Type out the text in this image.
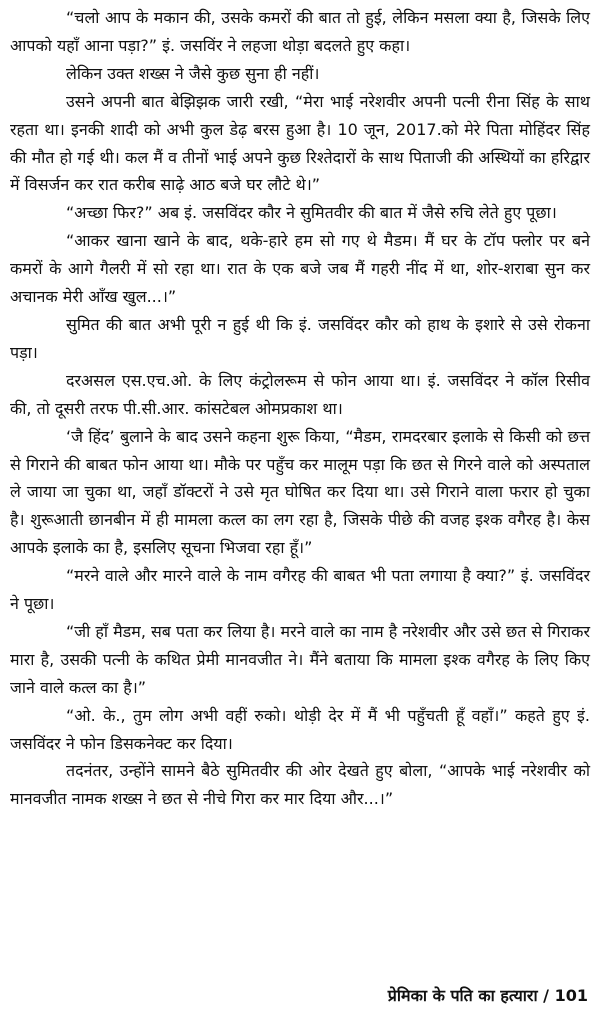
“चलो आप के मकान की, उसके कमरों की बात तो हुई, लेकिन मसला क्या है, जिसके लिए आपको यहाँ आना पड़ा?” इं. जसविंर ने लहजा थोड़ा बदलते हुए कहा।

लेकिन उक्त शख्स ने जैसे कुछ सुना ही नहीं।

उसने अपनी बात बेझिझक जारी रखी, “मेरा भाई नरेशवीर अपनी पत्नी रीना सिंह के साथ रहता था। इनकी शादी को अभी कुल डेढ़ बरस हुआ है। 10 जून, 2017.को मेरे पिता मोहिंदर सिंह की मौत हो गई थी। कल मैं व तीनों भाई अपने कुछ रिश्तेदारों के साथ पिताजी की अस्थियों का हरिद्वार में विसर्जन कर रात करीब साढ़े आठ बजे घर लौटे थे।”

“अच्छा फिर?” अब इं. जसविंदर कौर ने सुमितवीर की बात में जैसे रुचि लेते हुए पूछा।

“आकर खाना खाने के बाद, थके-हारे हम सो गए थे मैडम। मैं घर के टॉप फ्लोर पर बने कमरों के आगे गैलरी में सो रहा था। रात के एक बजे जब मैं गहरी नींद में था, शोर-शराबा सुन कर अचानक मेरी आँख खुल...।”

सुमित की बात अभी पूरी न हुई थी कि इं. जसविंदर कौर को हाथ के इशारे से उसे रोकना पड़ा।

दरअसल एस.एच.ओ. के लिए कंट्रोलरूम से फोन आया था। इं. जसविंदर ने कॉल रिसीव की, तो दूसरी तरफ पी.सी.आर. कांसटेबल ओमप्रकाश था।

‘जै हिंद’ बुलाने के बाद उसने कहना शुरू किया, “मैडम, रामदरबार इलाके से किसी को छत्त से गिराने की बाबत फोन आया था। मौके पर पहुँच कर मालूम पड़ा कि छत से गिरने वाले को अस्पताल ले जाया जा चुका था, जहाँ डॉक्टरों ने उसे मृत घोषित कर दिया था। उसे गिराने वाला फरार हो चुका है। शुरूआती छानबीन में ही मामला कत्ल का लग रहा है, जिसके पीछे की वजह इश्क वगैरह है। केस आपके इलाके का है, इसलिए सूचना भिजवा रहा हूँ।”

“मरने वाले और मारने वाले के नाम वगैरह की बाबत भी पता लगाया है क्या?” इं. जसविंदर ने पूछा।

“जी हाँ मैडम, सब पता कर लिया है। मरने वाले का नाम है नरेशवीर और उसे छत से गिराकर मारा है, उसकी पत्नी के कथित प्रेमी मानवजीत ने। मैंने बताया कि मामला इश्क वगैरह के लिए किए जाने वाले कत्ल का है।”

“ओ. के., तुम लोग अभी वहीं रुको। थोड़ी देर में मैं भी पहुँचती हूँ वहाँ।” कहते हुए इं. जसविंदर ने फोन डिसकनेक्ट कर दिया।

तदनंतर, उन्होंने सामने बैठे सुमितवीर की ओर देखते हुए बोला, “आपके भाई नरेशवीर को मानवजीत नामक शख्स ने छत से नीचे गिरा कर मार दिया और...।”

प्रेमिका के पति का हत्यारा / 101
